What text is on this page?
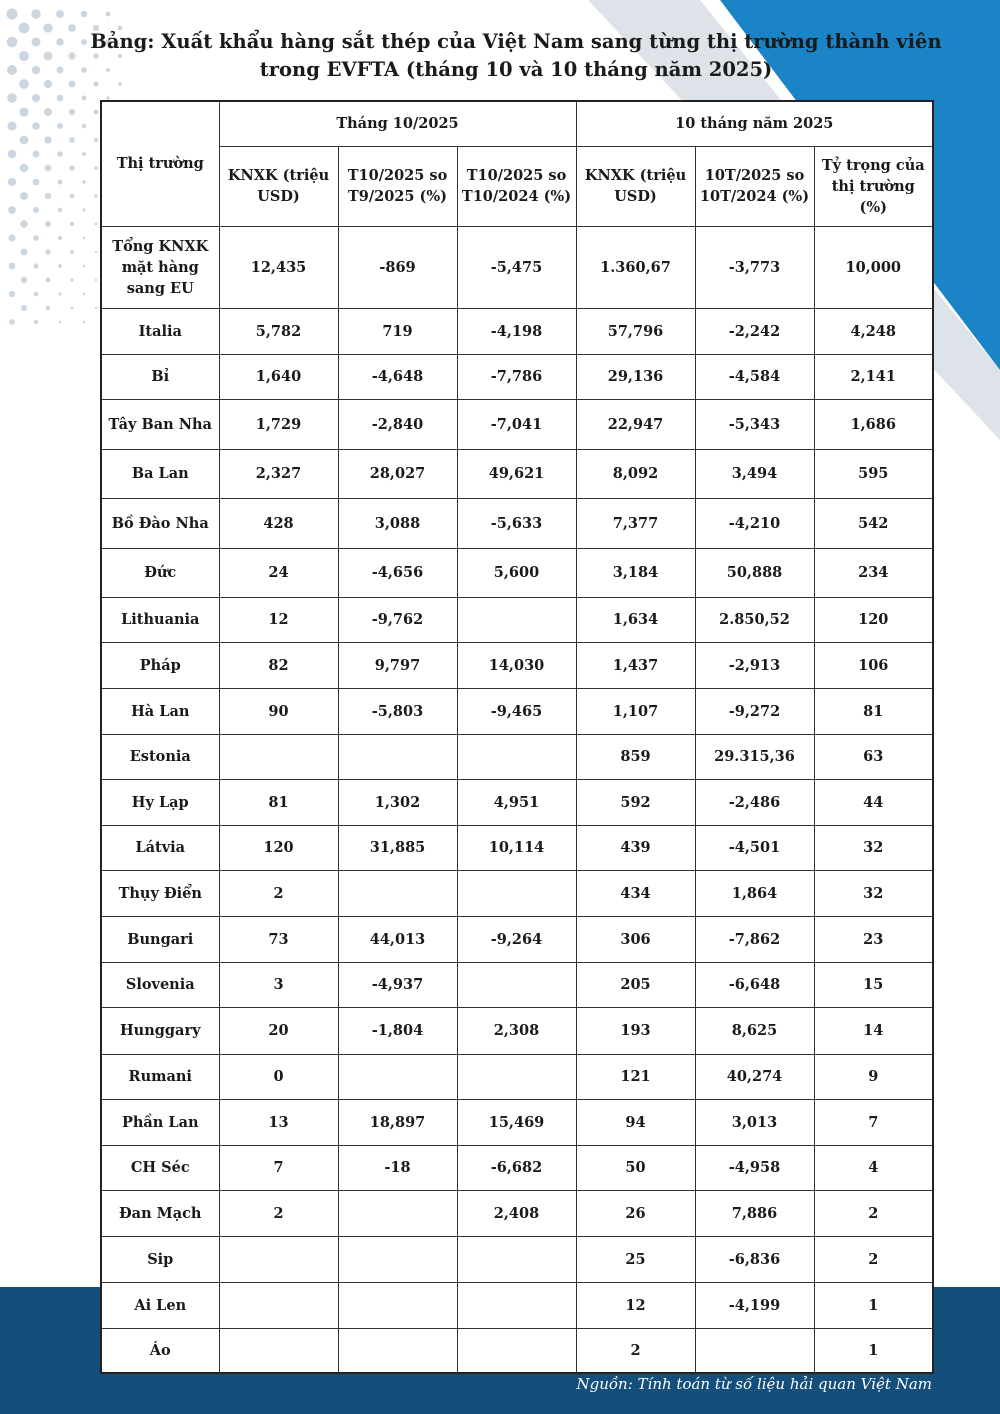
Bảng: Xuất khẩu hàng sắt thép của Việt Nam sang từng thị trường thành viên
trong EVFTA (tháng 10 và 10 tháng năm 2025)
Thị trường	Tháng 10/2025			10 tháng năm 2025		
	KNXK (triệu USD)	T10/2025 so T9/2025 (%)	T10/2025 so T10/2024 (%)	KNXK (triệu USD)	10T/2025 so 10T/2024 (%)	Tỷ trọng của thị trường (%)
Tổng KNXK mặt hàng sang EU	12,435	-869	-5,475	1.360,67	-3,773	10,000
Italia	5,782	719	-4,198	57,796	-2,242	4,248
Bỉ	1,640	-4,648	-7,786	29,136	-4,584	2,141
Tây Ban Nha	1,729	-2,840	-7,041	22,947	-5,343	1,686
Ba Lan	2,327	28,027	49,621	8,092	3,494	595
Bồ Đào Nha	428	3,088	-5,633	7,377	-4,210	542
Đức	24	-4,656	5,600	3,184	50,888	234
Lithuania	12	-9,762		1,634	2.850,52	120
Pháp	82	9,797	14,030	1,437	-2,913	106
Hà Lan	90	-5,803	-9,465	1,107	-9,272	81
Estonia				859	29.315,36	63
Hy Lạp	81	1,302	4,951	592	-2,486	44
Látvia	120	31,885	10,114	439	-4,501	32
Thụy Điển	2			434	1,864	32
Bungari	73	44,013	-9,264	306	-7,862	23
Slovenia	3	-4,937		205	-6,648	15
Hunggary	20	-1,804	2,308	193	8,625	14
Rumani	0			121	40,274	9
Phần Lan	13	18,897	15,469	94	3,013	7
CH Séc	7	-18	-6,682	50	-4,958	4
Đan Mạch	2		2,408	26	7,886	2
Sip				25	-6,836	2
Ai Len				12	-4,199	1
Áo				2		1
Nguồn: Tính toán từ số liệu hải quan Việt Nam
